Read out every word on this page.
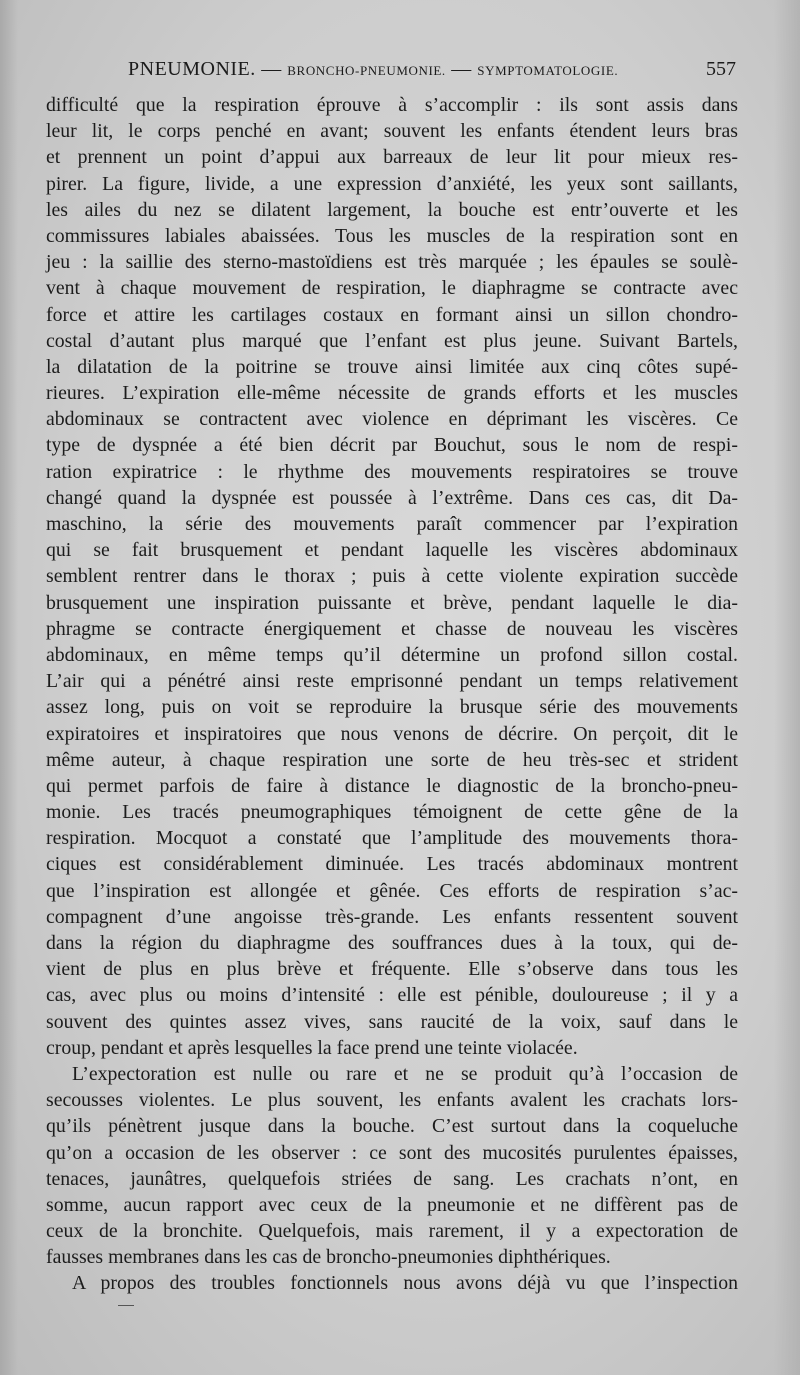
PNEUMONIE. — BRONCHO-PNEUMONIE. — SYMPTOMATOLOGIE.	557
difficulté que la respiration éprouve à s’accomplir : ils sont assis dans
leur lit, le corps penché en avant; souvent les enfants étendent leurs bras
et prennent un point d’appui aux barreaux de leur lit pour mieux res-
pirer. La figure, livide, a une expression d’anxiété, les yeux sont saillants,
les ailes du nez se dilatent largement, la bouche est entr’ouverte et les
commissures labiales abaissées. Tous les muscles de la respiration sont en
jeu : la saillie des sterno-mastoïdiens est très marquée ; les épaules se soulè-
vent à chaque mouvement de respiration, le diaphragme se contracte avec
force et attire les cartilages costaux en formant ainsi un sillon chondro-
costal d’autant plus marqué que l’enfant est plus jeune. Suivant Bartels,
la dilatation de la poitrine se trouve ainsi limitée aux cinq côtes supé-
rieures. L’expiration elle-même nécessite de grands efforts et les muscles
abdominaux se contractent avec violence en déprimant les viscères. Ce
type de dyspnée a été bien décrit par Bouchut, sous le nom de respi-
ration expiratrice : le rhythme des mouvements respiratoires se trouve
changé quand la dyspnée est poussée à l’extrême. Dans ces cas, dit Da-
maschino, la série des mouvements paraît commencer par l’expiration
qui se fait brusquement et pendant laquelle les viscères abdominaux
semblent rentrer dans le thorax ; puis à cette violente expiration succède
brusquement une inspiration puissante et brève, pendant laquelle le dia-
phragme se contracte énergiquement et chasse de nouveau les viscères
abdominaux, en même temps qu’il détermine un profond sillon costal.
L’air qui a pénétré ainsi reste emprisonné pendant un temps relativement
assez long, puis on voit se reproduire la brusque série des mouvements
expiratoires et inspiratoires que nous venons de décrire. On perçoit, dit le
même auteur, à chaque respiration une sorte de heu très-sec et strident
qui permet parfois de faire à distance le diagnostic de la broncho-pneu-
monie. Les tracés pneumographiques témoignent de cette gêne de la
respiration. Mocquot a constaté que l’amplitude des mouvements thora-
ciques est considérablement diminuée. Les tracés abdominaux montrent
que l’inspiration est allongée et gênée. Ces efforts de respiration s’ac-
compagnent d’une angoisse très-grande. Les enfants ressentent souvent
dans la région du diaphragme des souffrances dues à la toux, qui de-
vient de plus en plus brève et fréquente. Elle s’observe dans tous les
cas, avec plus ou moins d’intensité : elle est pénible, douloureuse ; il y a
souvent des quintes assez vives, sans raucité de la voix, sauf dans le
croup, pendant et après lesquelles la face prend une teinte violacée.
L’expectoration est nulle ou rare et ne se produit qu’à l’occasion de
secousses violentes. Le plus souvent, les enfants avalent les crachats lors-
qu’ils pénètrent jusque dans la bouche. C’est surtout dans la coqueluche
qu’on a occasion de les observer : ce sont des mucosités purulentes épaisses,
tenaces, jaunâtres, quelquefois striées de sang. Les crachats n’ont, en
somme, aucun rapport avec ceux de la pneumonie et ne diffèrent pas de
ceux de la bronchite. Quelquefois, mais rarement, il y a expectoration de
fausses membranes dans les cas de broncho-pneumonies diphthériques.
A propos des troubles fonctionnels nous avons déjà vu que l’inspection
